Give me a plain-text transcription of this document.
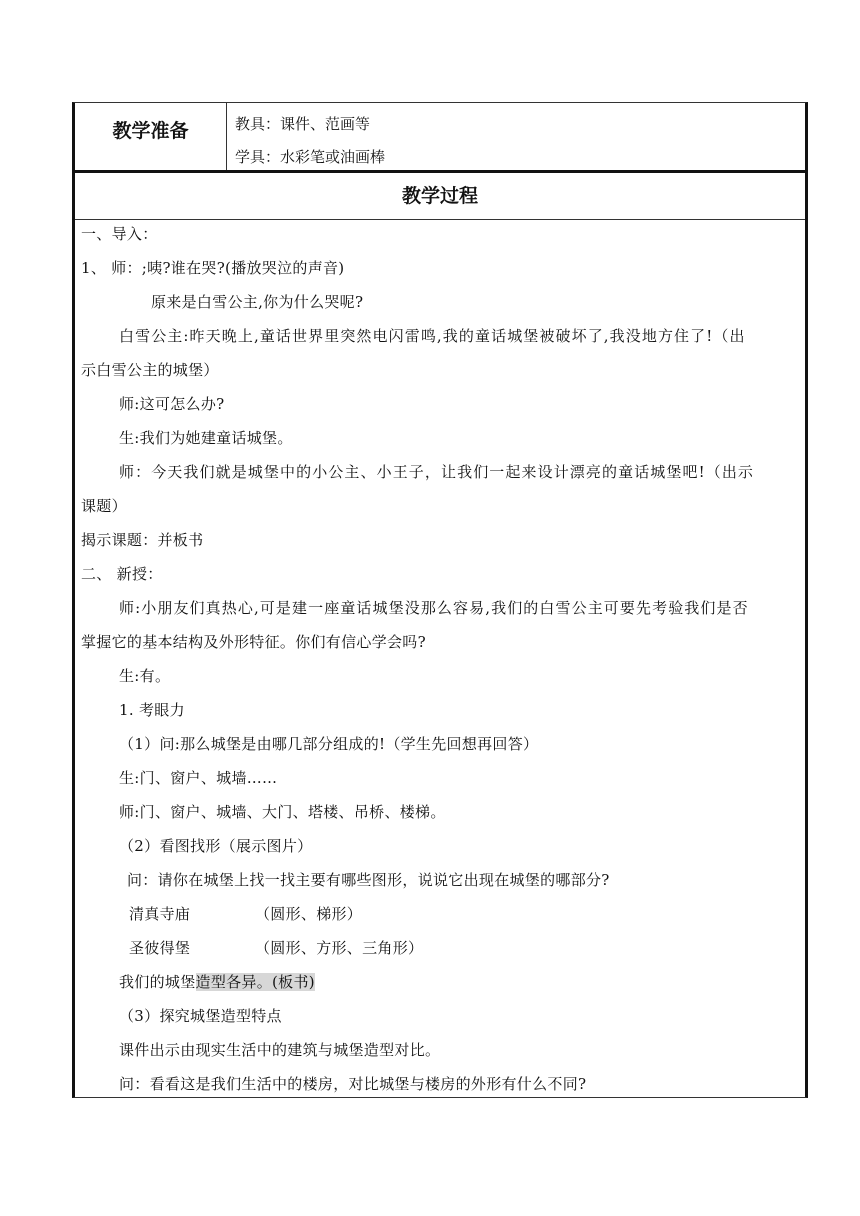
教学准备	教具：课件、范画等
学具：水彩笔或油画棒
教学过程
一、导入：
1、 师：;咦?谁在哭?(播放哭泣的声音)
原来是白雪公主,你为什么哭呢?
白雪公主:昨天晚上,童话世界里突然电闪雷鸣,我的童话城堡被破坏了,我没地方住了!（出
示白雪公主的城堡）
师:这可怎么办?
生:我们为她建童话城堡。
师：今天我们就是城堡中的小公主、小王子，让我们一起来设计漂亮的童话城堡吧!（出示
课题）
揭示课题：并板书
二、 新授：
师:小朋友们真热心,可是建一座童话城堡没那么容易,我们的白雪公主可要先考验我们是否
掌握它的基本结构及外形特征。你们有信心学会吗?
生:有。
1. 考眼力
（1）问:那么城堡是由哪几部分组成的!（学生先回想再回答）
生:门、窗户、城墙……
师:门、窗户、城墙、大门、塔楼、吊桥、楼梯。
（2）看图找形（展示图片）
问：请你在城堡上找一找主要有哪些图形，说说它出现在城堡的哪部分?
清真寺庙	（圆形、梯形）
圣彼得堡	（圆形、方形、三角形）
我们的城堡造型各异。(板书)
（3）探究城堡造型特点
课件出示由现实生活中的建筑与城堡造型对比。
问：看看这是我们生活中的楼房，对比城堡与楼房的外形有什么不同?
